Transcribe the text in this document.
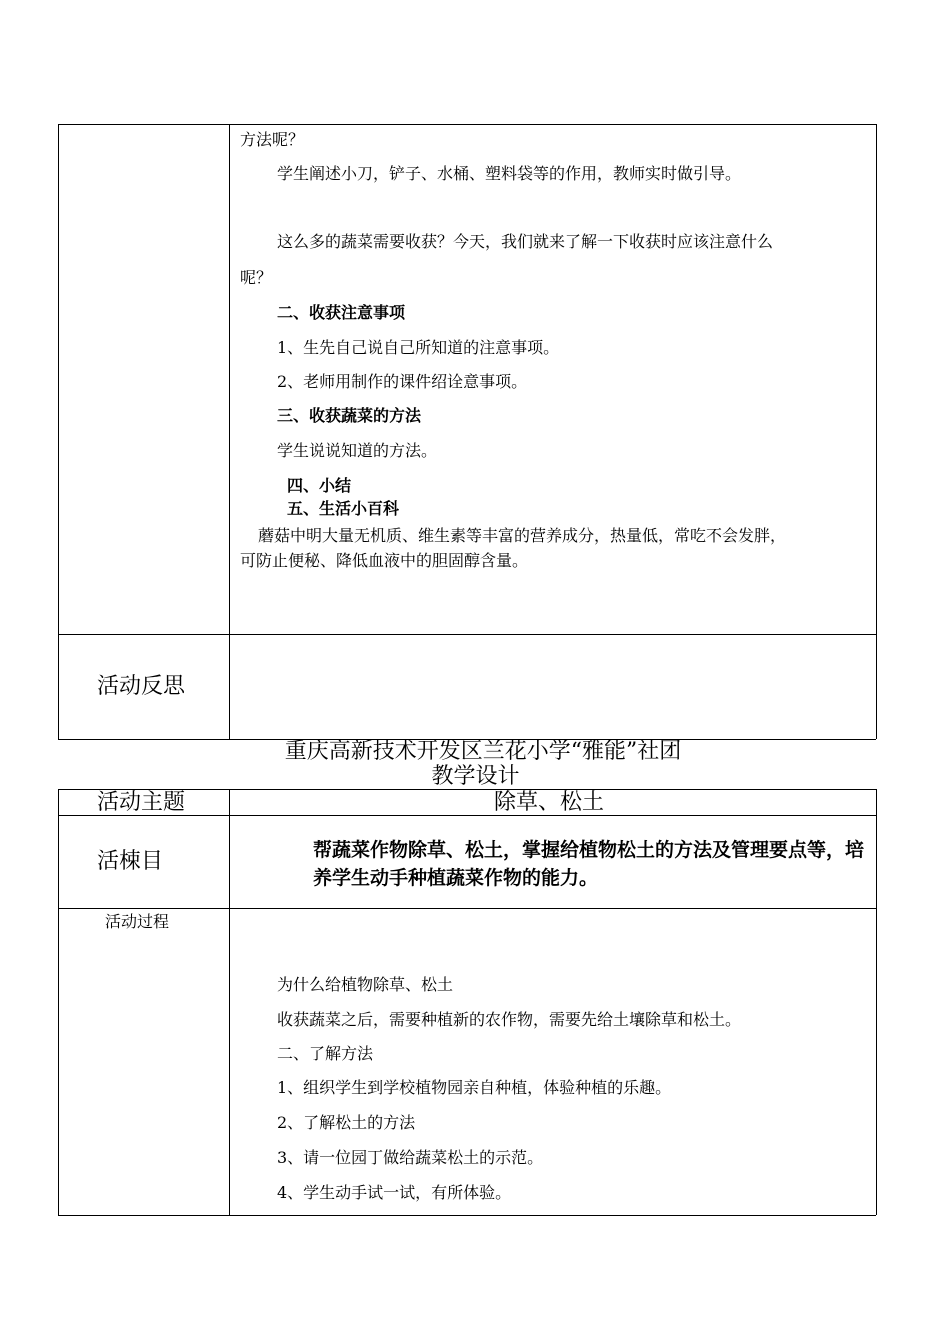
方法呢？
学生阐述小刀，铲子、水桶、塑料袋等的作用，教师实时做引导。
这么多的蔬菜需要收获？今天，我们就来了解一下收获时应该注意什么
呢？
二、收获注意事项
1、生先自己说自己所知道的注意事项。
2、老师用制作的课件绍诠意事项。
三、收获蔬菜的方法
学生说说知道的方法。
四、小结
五、生活小百科
蘑菇中明大量无机质、维生素等丰富的营养成分，热量低，常吃不会发胖，
可防止便秘、降低血液中的胆固醇含量。
活动反思
重庆高新技术开发区兰花小学“雅能”社团
教学设计
活动主题	除草、松土
活梀目	帮蔬菜作物除草、松土，掌握给植物松土的方法及管理要点等，培养学生动手种植蔬菜作物的能力。
活动过程
为什么给植物除草、松土
收获蔬菜之后，需要种植新的农作物，需要先给土壤除草和松土。
二、了解方法
1、组织学生到学校植物园亲自种植，体验种植的乐趣。
2、了解松土的方法
3、请一位园丁做给蔬菜松土的示范。
4、学生动手试一试，有所体验。
